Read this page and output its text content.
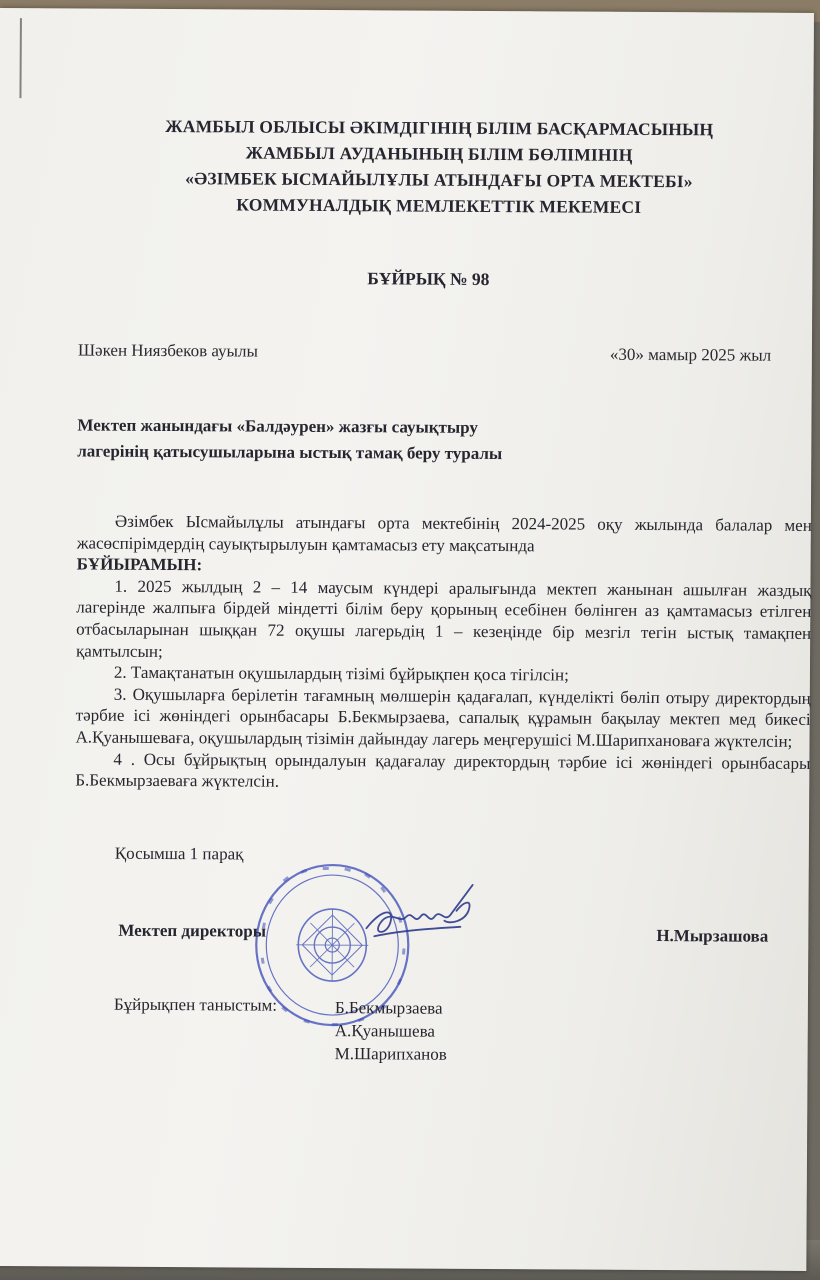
ЖАМБЫЛ ОБЛЫСЫ ӘКІМДІГІНІҢ БІЛІМ БАСҚАРМАСЫНЫҢ
ЖАМБЫЛ АУДАНЫНЫҢ БІЛІМ БӨЛІМІНІҢ
«ӘЗІМБЕК ЫСМАЙЫЛҰЛЫ АТЫНДАҒЫ ОРТА МЕКТЕБІ»
КОММУНАЛДЫҚ МЕМЛЕКЕТТІК МЕКЕМЕСІ
БҰЙРЫҚ № 98
Шәкен Ниязбеков ауылы	«30» мамыр 2025 жыл
Мектеп жанындағы «Балдәурен» жазғы сауықтыру
лагерінің қатысушыларына ыстық тамақ беру туралы

Әзімбек Ысмайылұлы атындағы орта мектебінің 2024-2025 оқу жылында балалар мен жасөспірімдердің сауықтырылуын қамтамасыз ету мақсатында

БҰЙЫРАМЫН:

1. 2025 жылдың 2 – 14 маусым күндері аралығында мектеп жанынан ашылған жаздық лагерінде жалпыға бірдей міндетті білім беру қорының есебінен бөлінген аз қамтамасыз етілген отбасыларынан шыққан 72 оқушы лагерьдің 1 – кезеңінде бір мезгіл тегін ыстық тамақпен қамтылсын;

2. Тамақтанатын оқушылардың тізімі бұйрықпен қоса тігілсін;

3. Оқушыларға берілетін тағамның мөлшерін қадағалап, күнделікті бөліп отыру директордың тәрбие ісі жөніндегі орынбасары Б.Бекмырзаева, сапалық құрамын бақылау мектеп мед бикесі А.Қуанышеваға, оқушылардың тізімін дайындау лагерь меңгерушісі М.Шарипхановаға жүктелсін;

4 . Осы бұйрықтың орындалуын қадағалау директордың тәрбие ісі жөніндегі орынбасары Б.Бекмырзаеваға жүктелсін.

Қосымша 1 парақ
Мектеп директоры	Н.Мырзашова
Бұйрықпен таныстым:	Б.Бекмырзаева
А.Қуанышева
М.Шарипханов
